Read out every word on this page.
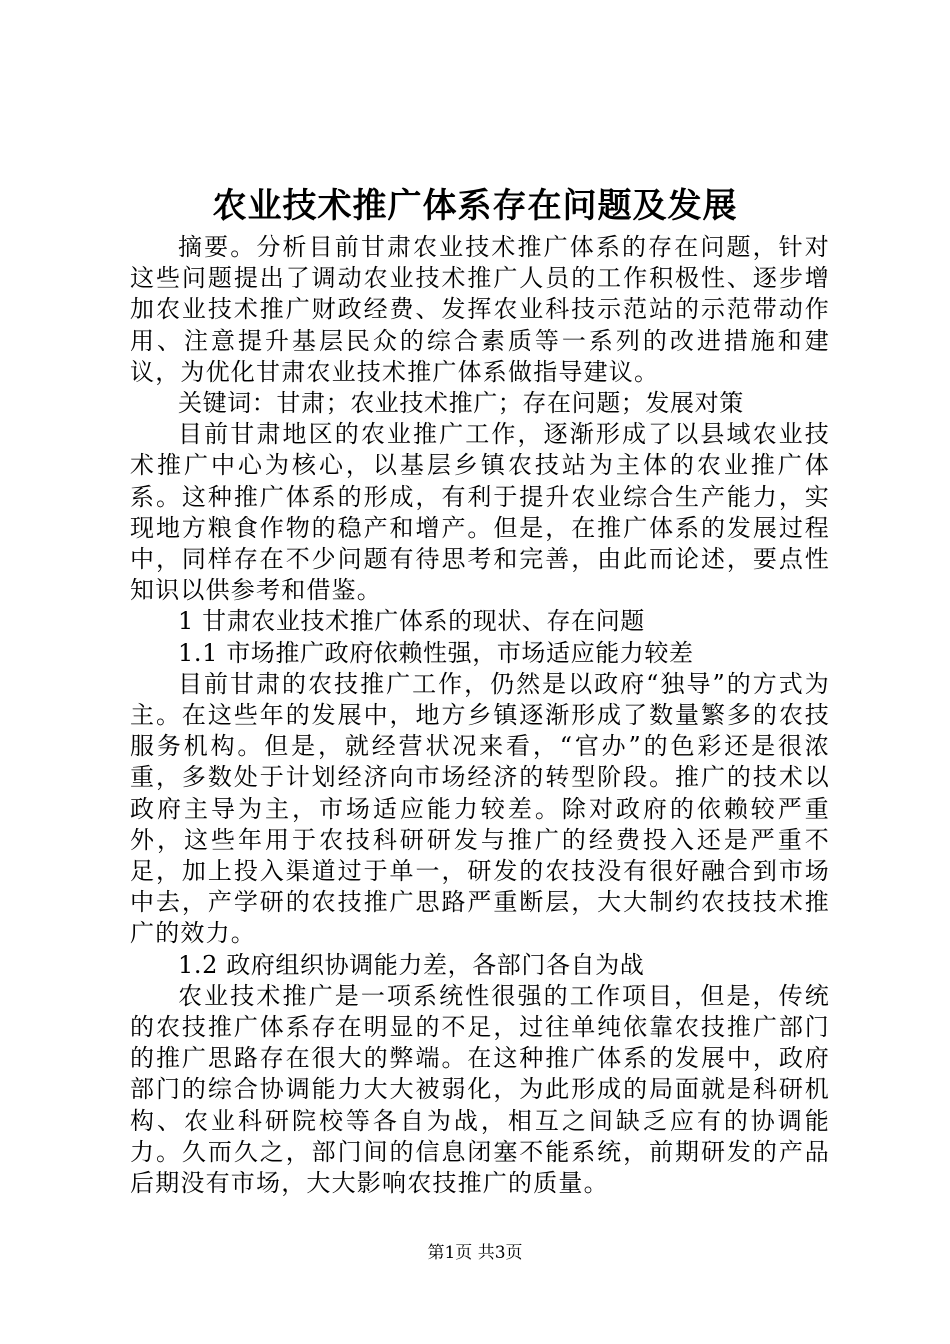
农业技术推广体系存在问题及发展

摘要。分析目前甘肃农业技术推广体系的存在问题，针对这些问题提出了调动农业技术推广人员的工作积极性、逐步增加农业技术推广财政经费、发挥农业科技示范站的示范带动作用、注意提升基层民众的综合素质等一系列的改进措施和建议，为优化甘肃农业技术推广体系做指导建议。

关键词：甘肃；农业技术推广；存在问题；发展对策

目前甘肃地区的农业推广工作，逐渐形成了以县域农业技术推广中心为核心，以基层乡镇农技站为主体的农业推广体系。这种推广体系的形成，有利于提升农业综合生产能力，实现地方粮食作物的稳产和增产。但是，在推广体系的发展过程中，同样存在不少问题有待思考和完善，由此而论述，要点性知识以供参考和借鉴。

1 甘肃农业技术推广体系的现状、存在问题

1.1 市场推广政府依赖性强，市场适应能力较差

目前甘肃的农技推广工作，仍然是以政府“独导”的方式为主。在这些年的发展中，地方乡镇逐渐形成了数量繁多的农技服务机构。但是，就经营状况来看，“官办”的色彩还是很浓重，多数处于计划经济向市场经济的转型阶段。推广的技术以政府主导为主，市场适应能力较差。除对政府的依赖较严重外，这些年用于农技科研研发与推广的经费投入还是严重不足，加上投入渠道过于单一，研发的农技没有很好融合到市场中去，产学研的农技推广思路严重断层，大大制约农技技术推广的效力。

1.2 政府组织协调能力差，各部门各自为战

农业技术推广是一项系统性很强的工作项目，但是，传统的农技推广体系存在明显的不足，过往单纯依靠农技推广部门的推广思路存在很大的弊端。在这种推广体系的发展中，政府部门的综合协调能力大大被弱化，为此形成的局面就是科研机构、农业科研院校等各自为战，相互之间缺乏应有的协调能力。久而久之，部门间的信息闭塞不能系统，前期研发的产品后期没有市场，大大影响农技推广的质量。

第1页 共3页
